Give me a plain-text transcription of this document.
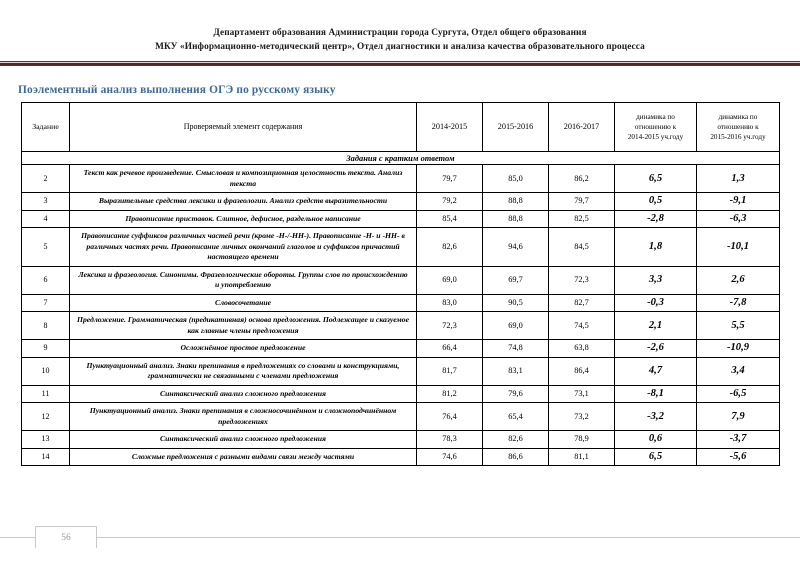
Департамент образования Администрации города Сургута, Отдел общего образования
МКУ «Информационно-методический центр», Отдел диагностики и анализа качества образовательного процесса
Поэлементный анализ выполнения ОГЭ по русскому языку
Задание	Проверяемый элемент содержания	2014-2015	2015-2016	2016-2017	динамика по
отношению к
2014-2015 уч.году	динамика по
отношению к
2015-2016 уч.году
Задания с кратким ответом						
2	Текст как речевое произведение. Смысловая и композиционная целостность текста. Анализ текста	79,7	85,0	86,2	6,5	1,3
3	Выразительные средства лексики и фразеологии. Анализ средств выразительности	79,2	88,8	79,7	0,5	-9,1
4	Правописание приставок. Слитное, дефисное, раздельное написание	85,4	88,8	82,5	-2,8	-6,3
5	Правописание суффиксов различных частей речи (кроме -Н-/-НН-). Правописание -Н- и -НН- в различных частях речи. Правописание личных окончаний глаголов и суффиксов причастий настоящего времени	82,6	94,6	84,5	1,8	-10,1
6	Лексика и фразеология. Синонимы. Фразеологические обороты. Группы слов по происхождению и употреблению	69,0	69,7	72,3	3,3	2,6
7	Словосочетание	83,0	90,5	82,7	-0,3	-7,8
8	Предложение. Грамматическая (предикативная) основа предложения. Подлежащее и сказуемое как главные члены предложения	72,3	69,0	74,5	2,1	5,5
9	Осложнённое простое предложение	66,4	74,8	63,8	-2,6	-10,9
10	Пунктуационный анализ. Знаки препинания в предложениях со словами и конструкциями, грамматически не связанными с членами предложения	81,7	83,1	86,4	4,7	3,4
11	Синтаксический анализ сложного предложения	81,2	79,6	73,1	-8,1	-6,5
12	Пунктуационный анализ. Знаки препинания в сложносочинённом и сложноподчинённом предложениях	76,4	65,4	73,2	-3,2	7,9
13	Синтаксический анализ сложного предложения	78,3	82,6	78,9	0,6	-3,7
14	Сложные предложения с разными видами связи между частями	74,6	86,6	81,1	6,5	-5,6
56
